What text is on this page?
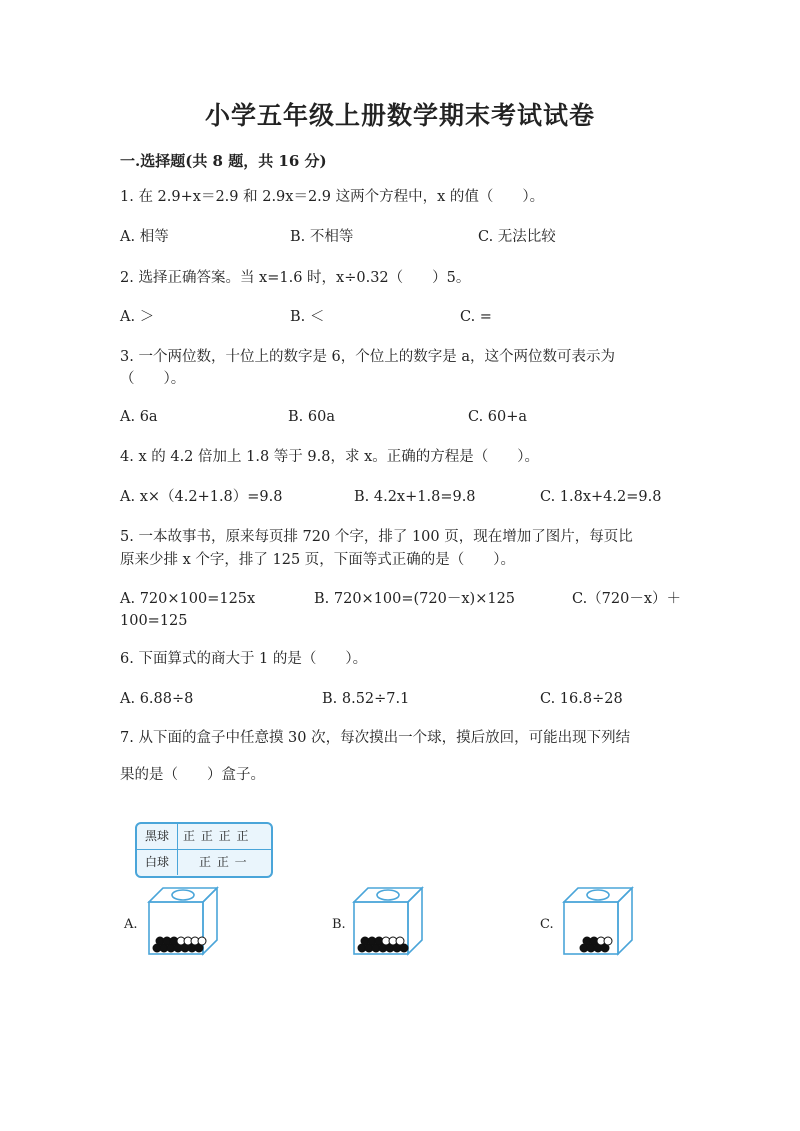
小学五年级上册数学期末考试试卷
一.选择题(共 8 题，共 16 分)
1. 在 2.9+x＝2.9 和 2.9x＝2.9 这两个方程中，x 的值（　　）。
A. 相等	B. 不相等	C. 无法比较
2. 选择正确答案。当 x=1.6 时，x÷0.32（　　）5。
A. ＞	B. ＜	C. =
3. 一个两位数，十位上的数字是 6，个位上的数字是 a，这个两位数可表示为
（　　）。
A. 6a	B. 60a	C. 60+a
4. x 的 4.2 倍加上 1.8 等于 9.8，求 x。正确的方程是（　　）。
A. x×（4.2+1.8）=9.8	B. 4.2x+1.8=9.8	C. 1.8x+4.2=9.8
5. 一本故事书，原来每页排 720 个字，排了 100 页，现在增加了图片，每页比
原来少排 x 个字，排了 125 页，下面等式正确的是（　　）。
A. 720×100=125x	B. 720×100=(720－x)×125	C.（720－x）＋
100=125
6. 下面算式的商大于 1 的是（　　）。
A. 6.88÷8	B. 8.52÷7.1	C. 16.8÷28
7. 从下面的盒子中任意摸 30 次，每次摸出一个球，摸后放回，可能出现下列结
果的是（　　）盒子。
黑球	正 正 正 正
白球	正 正 一
A.	B.	C.
